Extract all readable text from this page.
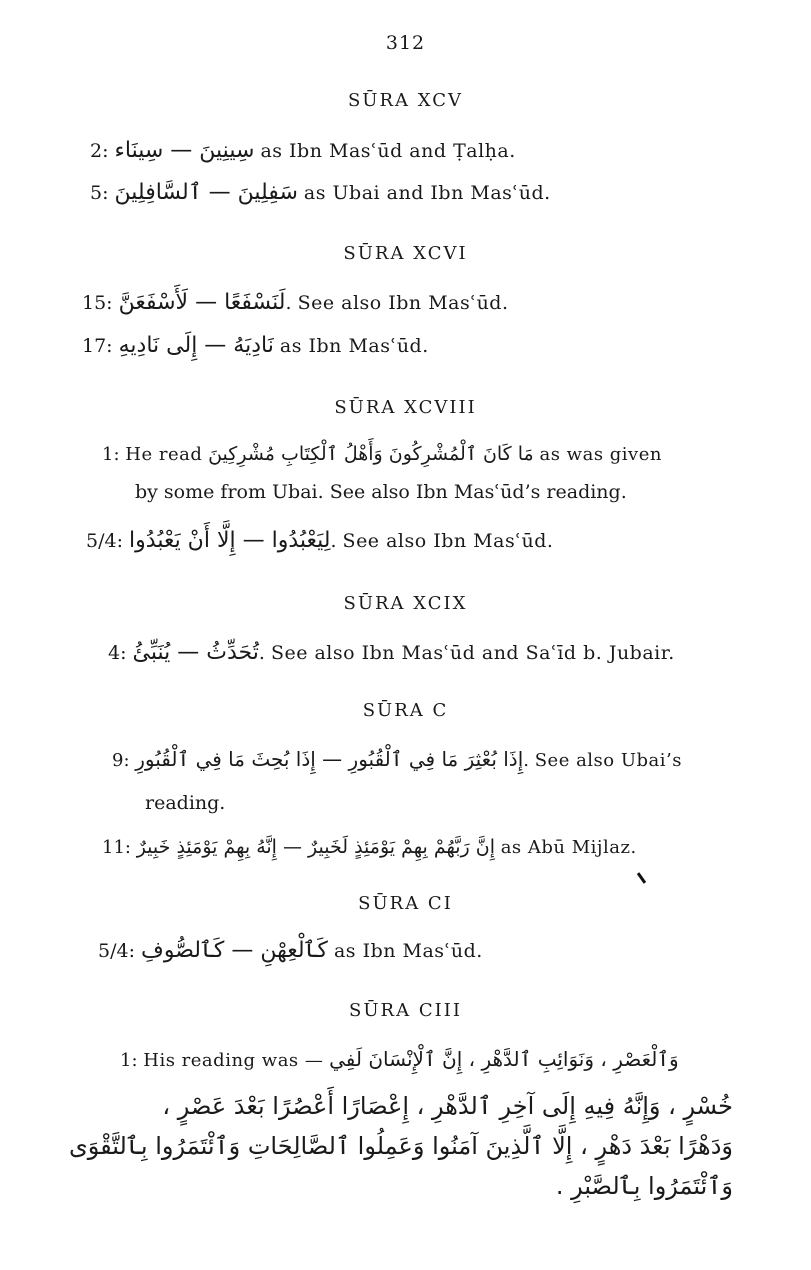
312
SŪRA XCV
2: سِينِينَ — سِينَاء as Ibn Masʿūd and Ṭalḥa.
5: سَفِلِينَ — ٱلسَّافِلِينَ as Ubai and Ibn Masʿūd.
SŪRA XCVI
15: لَنَسْفَعًا — لَأَسْفَعَنَّ. See also Ibn Masʿūd.
17: نَادِيَهُ — إِلَى نَادِيهِ as Ibn Masʿūd.
SŪRA XCVIII
1: He read مَا كَانَ ٱلْمُشْرِكُونَ وَأَهْلُ ٱلْكِتَابِ مُشْرِكِينَ as was given
by some from Ubai. See also Ibn Masʿūd’s reading.
5/4: لِيَعْبُدُوا — إِلَّا أَنْ يَعْبُدُوا. See also Ibn Masʿūd.
SŪRA XCIX
4: تُحَدِّثُ — يُنَبِّئُ. See also Ibn Masʿūd and Saʿīd b. Jubair.
SŪRA C
9: إِذَا بُعْثِرَ مَا فِي ٱلْقُبُورِ — إِذَا بُحِثَ مَا فِي ٱلْقُبُورِ. See also Ubai’s
reading.
11: إِنَّ رَبَّهُمْ بِهِمْ يَوْمَئِذٍ لَخَبِيرٌ — إِنَّهُ بِهِمْ يَوْمَئِذٍ خَبِيرٌ as Abū Mijlaz.
SŪRA CI
5/4: كَٱلْعِهْنِ — كَٱلصُّوفِ as Ibn Masʿūd.
SŪRA CIII
1: His reading was — وَٱلْعَصْرِ ، وَنَوَائِبِ ٱلدَّهْرِ ، إِنَّ ٱلْإِنْسَانَ لَفِي
خُسْرٍ ، وَإِنَّهُ فِيهِ إِلَى آخِرِ ٱلدَّهْرِ ، إِعْصَارًا أَعْصُرًا بَعْدَ عَصْرٍ ،
وَدَهْرًا بَعْدَ دَهْرٍ ، إِلَّا ٱلَّذِينَ آمَنُوا وَعَمِلُوا ٱلصَّالِحَاتِ وَٱئْتَمَرُوا بِٱلتَّقْوَى
وَٱئْتَمَرُوا بِٱلصَّبْرِ .
